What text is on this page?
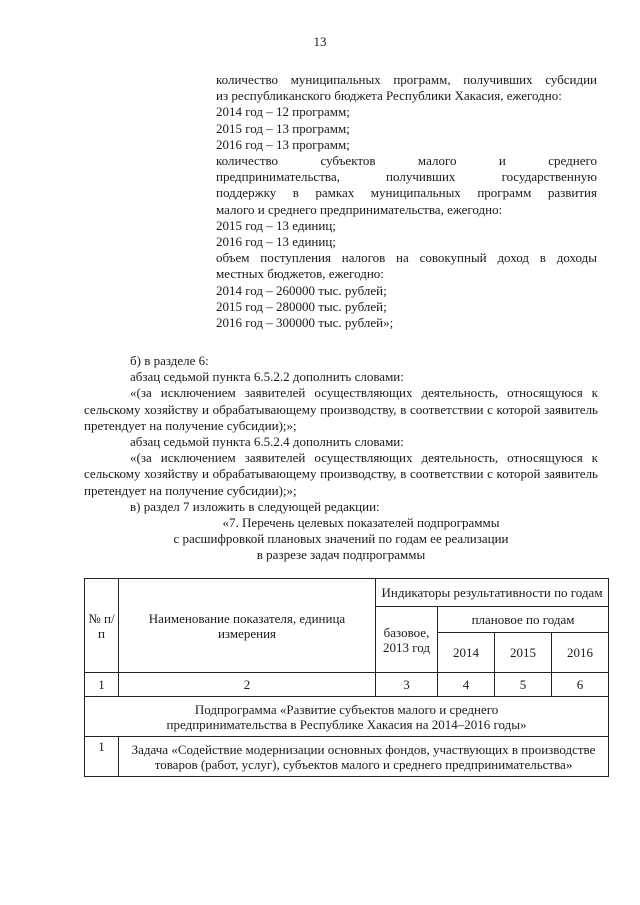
13

количество муниципальных программ, получивших субсидии

из республиканского бюджета Республики Хакасия, ежегодно:

2014 год – 12 программ;

2015 год – 13 программ;

2016 год – 13 программ;

количество субъектов малого и среднего

предпринимательства, получивших государственную

поддержку в рамках муниципальных программ развития

малого и среднего предпринимательства, ежегодно:

2015 год – 13 единиц;

2016 год – 13 единиц;

объем поступления налогов на совокупный доход в доходы

местных бюджетов, ежегодно:

2014 год – 260000 тыс. рублей;

2015 год – 280000 тыс. рублей;

2016 год – 300000 тыс. рублей»;

б) в разделе 6:

абзац седьмой пункта 6.5.2.2 дополнить словами:

«(за исключением заявителей осуществляющих деятельность, относящуюся к сельскому хозяйству и обрабатывающему производству, в соответствии с которой заявитель претендует на получение субсидии);»;

абзац седьмой пункта 6.5.2.4 дополнить словами:

«(за исключением заявителей осуществляющих деятельность, относящуюся к сельскому хозяйству и обрабатывающему производству, в соответствии с которой заявитель претендует на получение субсидии);»;

в) раздел 7 изложить в следующей редакции:

«7. Перечень целевых показателей подпрограммы

с расшифровкой плановых значений по годам ее реализации

в разрезе задач подпрограммы

№ п/п	Наименование показателя, единица измерения	Индикаторы результативности по годам			
		базовое, 2013 год	плановое по годам		
			2014	2015	2016
1	2	3	4	5	6
Подпрограмма «Развитие субъектов малого и среднего предпринимательства в Республике Хакасия на 2014–2016 годы»					
1	Задача «Содействие модернизации основных фондов, участвующих в производстве товаров (работ, услуг), субъектов малого и среднего предпринимательства»				
